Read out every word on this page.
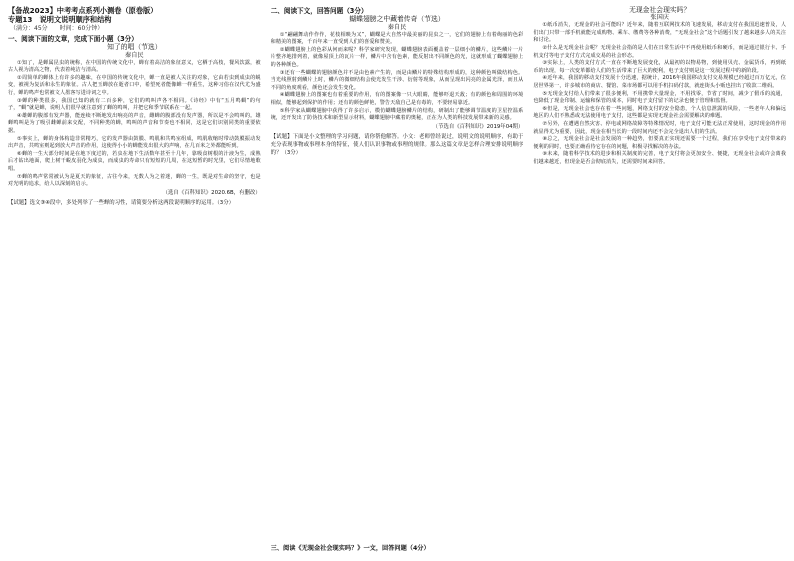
【备战2023】中考考点系列小测卷（原卷版）
专题13　说明文说明顺序和结构
（满分：45分　　时间：60分钟）
一、阅读下面的文章，完成下面小题（3分）
知了的唱（节选）
秦自民

①知了，是蝉属昆虫的统称，在中国的传统文化中，蝉有着高洁的象征意义，它栖于高枝，餐风饮露，被古人视为清高之物，代表着纯洁与清高。

②周简单的蝉体上有许多的趣味，在中国的传统文化中，蝉一直是被人关注的对象，它由若虫到成虫的蜕变，被视为复活和永生的象征。古人把玉蝉放在逝者口中，希望死者能像蝉一样重生，这种习俗在汉代尤为盛行，蝉的鸣声也常被文人墨客写进诗词之中。

③蝉的种类很多，我国已知的就有二百多种，它们的鸣叫声各不相同。《诗经》中有“五月鸣蜩”的句子，“蜩”就是蝉，说明人们很早就注意到了蝉的鸣叫，并把它和季节联系在一起。

④雄蝉的腹部有发声器，能连续不断地发出响亮的声音，雌蝉的腹部没有发声器，所以是不会鸣叫的。雄蝉鸣叫是为了吸引雌蝉前来交配，不同种类的蝉，鸣叫的声音和节奏也不相同，这是它们识别同类的重要依据。

⑤事实上，蝉的身体构造非常精巧，它的发声器由鼓膜、鸣肌和共鸣室组成，鸣肌收缩时带动鼓膜振动发出声音，共鸣室则起到放大声音的作用，这使得小小的蝉能发出很大的声响，在几百米之外都能听到。

⑥蝉的一生大部分时间是在地下度过的，若虫在地下生活数年甚至十几年，靠吸食树根的汁液为生，成熟后才钻出地面，爬上树干蜕皮羽化为成虫，而成虫的寿命只有短短的几周，在这短暂的时光里，它们尽情地歌唱。

⑦蝉的鸣声常常被认为是夏天的象征，古往今来，无数人为之着迷，蝉的一生，既是对生命的坚守，也是对光明的追求，给人以深刻的启示。

（选自《百科知识》2020.6B，有删改）
【试题】选文③④段中，多处列举了一些蝉的习性，请简要分析这两段说明顺序的运用。（3分）
二、阅读下文，回答问题（3分）
蝴蝶翅膀之中藏着传奇（节选）
秦自民

①“翩翩舞动作作作，花枝相映为又”，蝴蝶是大自然中最美丽的昆虫之一，它们的翅膀上有着绚丽的色彩和精美的图案，千百年来一直受到人们的喜爱和赞美。

②蝴蝶翅膀上的色彩从何而来呢？科学家研究发现，蝴蝶翅膀表面覆盖着一层细小的鳞片，这些鳞片一片片整齐地排列着，就像屋顶上的瓦片一样，鳞片中含有色素，能反射出不同颜色的光，这就形成了蝴蝶翅膀上的各种颜色。

③还有一些蝴蝶的翅膀颜色并不是由色素产生的，而是由鳞片的特殊结构形成的，这种颜色叫做结构色。当光线照射到鳞片上时，鳞片的微细结构会使光发生干涉、衍射等现象，从而呈现出闪亮的金属光泽，而且从不同的角度观看，颜色还会发生变化。

④蝴蝶翅膀上的图案也有着重要的作用，有的图案像一只大眼睛，能够吓退天敌；有的颜色和周围的环境相似，能够起到保护的作用；还有的颜色鲜艳，警告天敌自己是有毒的，不要轻易靠近。

⑤科学家从蝴蝶翅膀中获得了许多启示，模仿蝴蝶翅膀鳞片的结构，研制出了能够调节温度的卫星控温系统，还开发出了防伪技术和新型显示材料，蝴蝶翅膀中藏着的奥秘，正在为人类的科技发展带来新的灵感。

（节选自《百科知识》2019年04期）
【试题】下面是小文整理的学习问题，请你帮他解答。小文：老师曾经说过，说明文的说明顺序，有助于充分表现事物或事理本身的特征，使人们认识事物或事理的规律。那么这篇文章是怎样合理安排说明顺序的？（3分）
三、阅读《无现金社会现实吗？》一文，回答问题（4分）
无现金社会现实吗？
张国庆

①纸币消失，无现金的社会可能吗？近年来，随着互联网技术的飞速发展，移动支付在我国迅速普及，人们出门只带一部手机就能完成购物、乘车、缴费等各种消费，“无现金社会”这个话题引发了越来越多人的关注和讨论。

②什么是无现金社会呢？无现金社会指的是人们在日常生活中不再使用纸币和硬币，而是通过银行卡、手机支付等电子支付方式完成交易的社会形态。

③实际上，人类的支付方式一直在不断地发展变化，从最初的以物易物，到使用贝壳、金属货币，再到纸币的出现，每一次变革都给人们的生活带来了巨大的便利，电子支付则是这一发展过程中的新阶段。

④近年来，我国的移动支付发展十分迅速，据统计，2016年我国移动支付交易规模已经超过百万亿元，位居世界第一，许多城市的商店、餐馆、菜市场都可以用手机扫码付款，就连街头小贩也挂出了收款二维码。

⑤无现金支付给人们带来了很多便利，不用携带大量现金，不用找零，节省了时间，减少了假币的流通，也降低了现金印制、运输和保管的成本，同时电子支付留下的记录也便于管理和监督。

⑥但是，无现金社会也存在着一些问题，网络支付的安全隐患，个人信息泄露的风险，一些老年人和偏远地区的人们不熟悉或无法使用电子支付，这些都是实现无现金社会需要解决的难题。

⑦另外，在遭遇自然灾害、停电或网络故障等特殊情况时，电子支付可能无法正常使用，这时现金的作用就显得尤为重要，因此，现金在相当长的一段时间内还不会完全退出人们的生活。

⑧总之，无现金社会是社会发展的一种趋势，但要真正实现还需要一个过程，我们在享受电子支付带来的便利的同时，也要正确看待它存在的问题，积极寻找解决的办法。

⑨未来，随着科学技术的进步和相关制度的完善，电子支付将会更加安全、便捷，无现金社会或许会离我们越来越近，但现金是否会彻底消失，还需要时间来回答。
